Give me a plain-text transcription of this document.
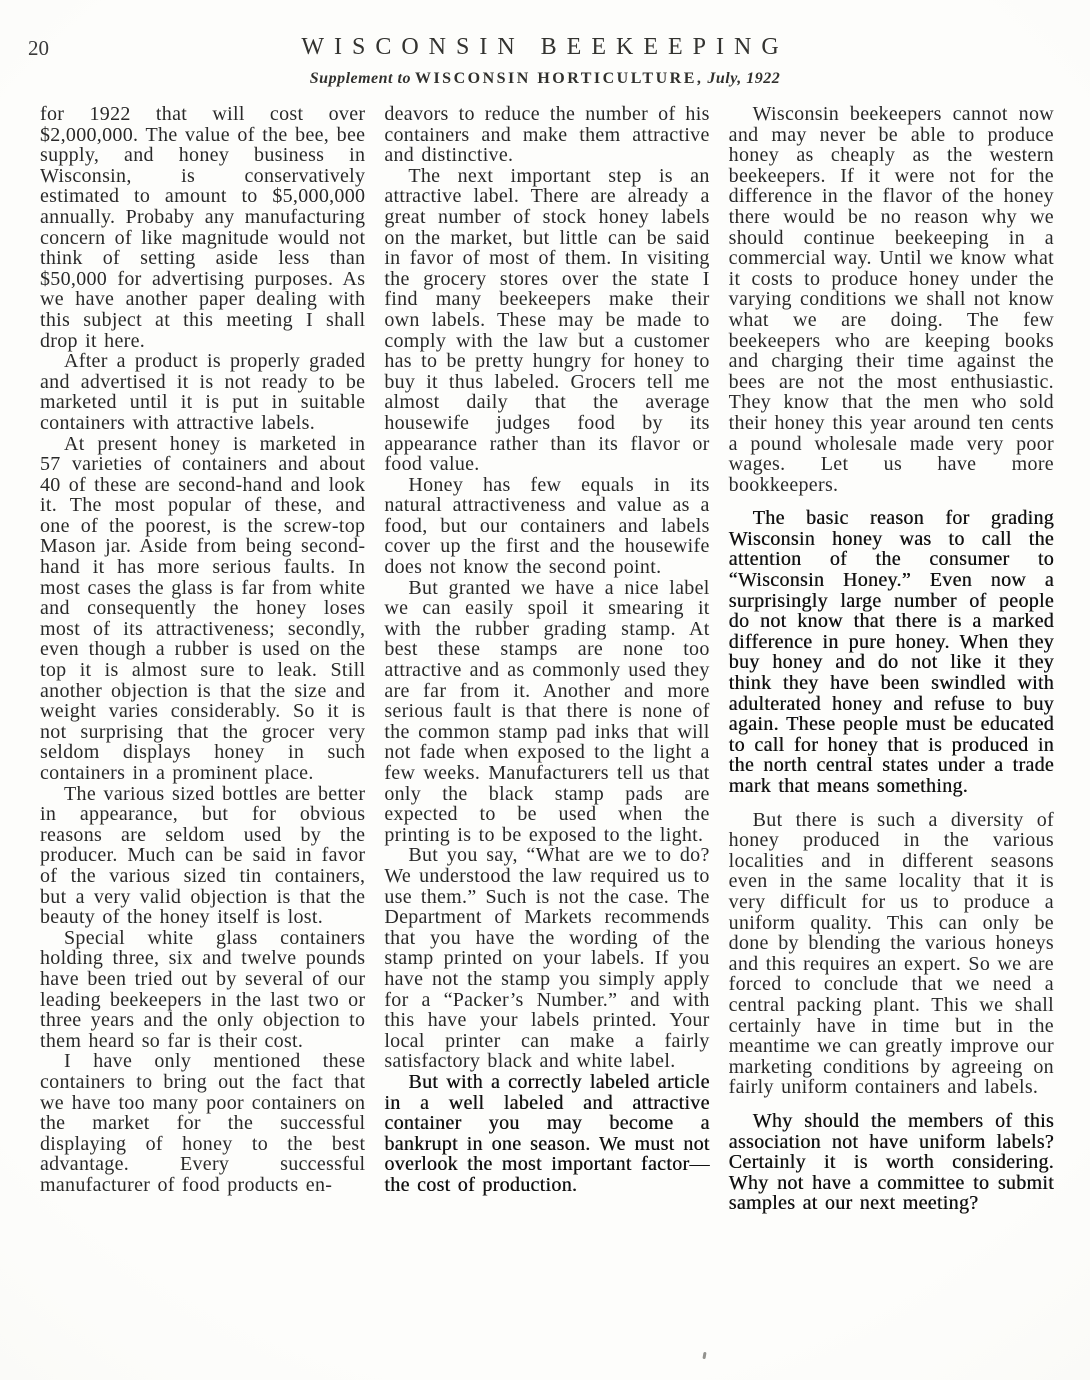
20	WISCONSIN BEEKEEPING
Supplement to WISCONSIN HORTICULTURE, July, 1922

for 1922 that will cost over $2,000,000. The value of the bee, bee supply, and honey business in Wisconsin, is conservatively estimated to amount to $5,000,000 annually. Probaby any manufacturing concern of like magnitude would not think of setting aside less than $50,000 for advertising purposes. As we have another paper dealing with this subject at this meeting I shall drop it here.

After a product is properly graded and advertised it is not ready to be marketed until it is put in suitable containers with attractive labels.

At present honey is marketed in 57 varieties of containers and about 40 of these are second-hand and look it. The most popular of these, and one of the poorest, is the screw-top Mason jar. Aside from being second-hand it has more serious faults. In most cases the glass is far from white and consequently the honey loses most of its attractiveness; secondly, even though a rubber is used on the top it is almost sure to leak. Still another objection is that the size and weight varies considerably. So it is not surprising that the grocer very seldom displays honey in such containers in a prominent place.

The various sized bottles are better in appearance, but for obvious reasons are seldom used by the producer. Much can be said in favor of the various sized tin containers, but a very valid objection is that the beauty of the honey itself is lost.

Special white glass containers holding three, six and twelve pounds have been tried out by several of our leading beekeepers in the last two or three years and the only objection to them heard so far is their cost.

I have only mentioned these containers to bring out the fact that we have too many poor containers on the market for the successful displaying of honey to the best advantage. Every successful manufacturer of food products en-

deavors to reduce the number of his containers and make them attractive and distinctive.

The next important step is an attractive label. There are already a great number of stock honey labels on the market, but little can be said in favor of most of them. In visiting the grocery stores over the state I find many beekeepers make their own labels. These may be made to comply with the law but a customer has to be pretty hungry for honey to buy it thus labeled. Grocers tell me almost daily that the average housewife judges food by its appearance rather than its flavor or food value.

Honey has few equals in its natural attractiveness and value as a food, but our containers and labels cover up the first and the housewife does not know the second point.

But granted we have a nice label we can easily spoil it smearing it with the rubber grading stamp. At best these stamps are none too attractive and as commonly used they are far from it. Another and more serious fault is that there is none of the common stamp pad inks that will not fade when exposed to the light a few weeks. Manufacturers tell us that only the black stamp pads are expected to be used when the printing is to be exposed to the light.

But you say, “What are we to do? We understood the law required us to use them.” Such is not the case. The Department of Markets recommends that you have the wording of the stamp printed on your labels. If you have not the stamp you simply apply for a “Packer’s Number.” and with this have your labels printed. Your local printer can make a fairly satisfactory black and white label.

But with a correctly labeled article in a well labeled and attractive container you may become a bankrupt in one season. We must not overlook the most important factor—the cost of production.

Wisconsin beekeepers cannot now and may never be able to produce honey as cheaply as the western beekeepers. If it were not for the difference in the flavor of the honey there would be no reason why we should continue beekeeping in a commercial way. Until we know what it costs to produce honey under the varying conditions we shall not know what we are doing. The few beekeepers who are keeping books and charging their time against the bees are not the most enthusiastic. They know that the men who sold their honey this year around ten cents a pound wholesale made very poor wages. Let us have more bookkeepers.

The basic reason for grading Wisconsin honey was to call the attention of the consumer to “Wisconsin Honey.” Even now a surprisingly large number of people do not know that there is a marked difference in pure honey. When they buy honey and do not like it they think they have been swindled with adulterated honey and refuse to buy again. These people must be educated to call for honey that is produced in the north central states under a trade mark that means something.

But there is such a diversity of honey produced in the various localities and in different seasons even in the same locality that it is very difficult for us to produce a uniform quality. This can only be done by blending the various honeys and this requires an expert. So we are forced to conclude that we need a central packing plant. This we shall certainly have in time but in the meantime we can greatly improve our marketing conditions by agreeing on fairly uniform containers and labels.

Why should the members of this association not have uniform labels? Certainly it is worth considering. Why not have a committee to submit samples at our next meeting?
